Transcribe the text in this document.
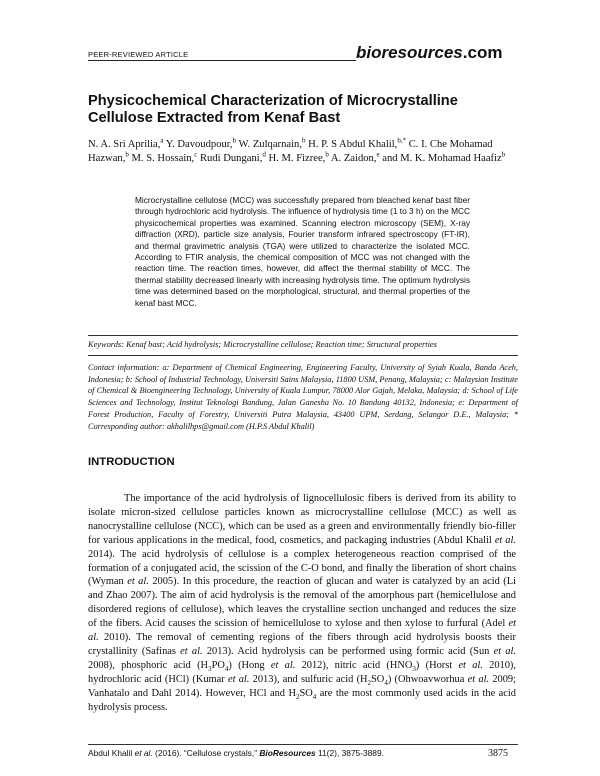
PEER-REVIEWED ARTICLE	bioresources.com
Physicochemical Characterization of Microcrystalline Cellulose Extracted from Kenaf Bast
N. A. Sri Aprilia,$^a$ Y. Davoudpour,$^b$ W. Zulqarnain,$^b$ H. P. S Abdul Khalil,$^{b,*}$ C. I. Che Mohamad Hazwan,$^b$ M. S. Hossain,$^c$ Rudi Dungani,$^d$ H. M. Fizree,$^b$ A. Zaidon,$^e$ and M. K. Mohamad Haafiz$^b$
Microcrystalline cellulose (MCC) was successfully prepared from bleached kenaf bast fiber through hydrochloric acid hydrolysis. The influence of hydrolysis time (1 to 3 h) on the MCC physicochemical properties was examined. Scanning electron microscopy (SEM), X-ray diffraction (XRD), particle size analysis, Fourier transform infrared spectroscopy (FT-IR), and thermal gravimetric analysis (TGA) were utilized to characterize the isolated MCC. According to FTIR analysis, the chemical composition of MCC was not changed with the reaction time. The reaction times, however, did affect the thermal stability of MCC. The thermal stability decreased linearly with increasing hydrolysis time. The optimum hydrolysis time was determined based on the morphological, structural, and thermal properties of the kenaf bast MCC.
Keywords: Kenaf bast; Acid hydrolysis; Microcrystalline cellulose; Reaction time; Structural properties
Contact information: a: Department of Chemical Engineering, Engineering Faculty, University of Syiah Kuala, Banda Aceh, Indonesia; b: School of Industrial Technology, Universiti Sains Malaysia, 11800 USM, Penang, Malaysia; c: Malaysian Institute of Chemical & Bioengineering Technology, University of Kuala Lumpur, 78000 Alor Gajah, Melaka, Malaysia; d: School of Life Sciences and Technology, Institut Teknologi Bandung, Jalan Ganesha No. 10 Bandung 40132, Indonesia; e: Department of Forest Production, Faculty of Forestry, Universiti Putra Malaysia, 43400 UPM, Serdang, Selangor D.E., Malaysia; * Corresponding author: akhalilhps@gmail.com (H.P.S Abdul Khalil)
INTRODUCTION

The importance of the acid hydrolysis of lignocellulosic fibers is derived from its ability to isolate micron-sized cellulose particles known as microcrystalline cellulose (MCC) as well as nanocrystalline cellulose (NCC), which can be used as a green and environmentally friendly bio-filler for various applications in the medical, food, cosmetics, and packaging industries (Abdul Khalil et al. 2014). The acid hydrolysis of cellulose is a complex heterogeneous reaction comprised of the formation of a conjugated acid, the scission of the C-O bond, and finally the liberation of short chains (Wyman et al. 2005). In this procedure, the reaction of glucan and water is catalyzed by an acid (Li and Zhao 2007). The aim of acid hydrolysis is the removal of the amorphous part (hemicellulose and disordered regions of cellulose), which leaves the crystalline section unchanged and reduces the size of the fibers. Acid causes the scission of hemicellulose to xylose and then xylose to furfural (Adel et al. 2010). The removal of cementing regions of the fibers through acid hydrolysis boosts their crystallinity (Safinas et al. 2013). Acid hydrolysis can be performed using formic acid (Sun et al. 2008), phosphoric acid $(H_3PO_4)$ (Hong et al. 2012), nitric acid $(HNO_3)$ (Horst et al. 2010), hydrochloric acid (HCl) (Kumar et al. 2013), and sulfuric acid $(H_2SO_4)$ (Ohwoavworhua et al. 2009; Vanhatalo and Dahl 2014). However, HCl and $H_2SO_4$ are the most commonly used acids in the acid hydrolysis process.

Abdul Khalil et al. (2016). “Cellulose crystals,” BioResources 11(2), 3875-3889.	3875
